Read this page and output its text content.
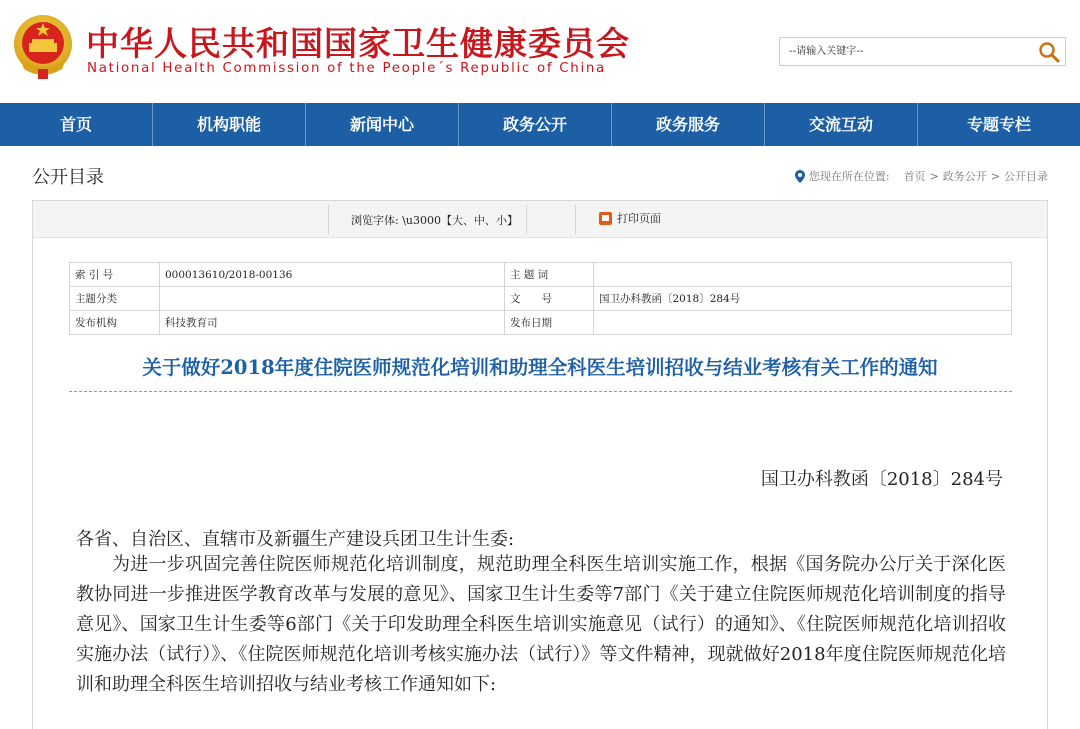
中华人民共和国国家卫生健康委员会
National Health Commission of the People´s Republic of China
--请输入关键字--
首页	机构职能	新闻中心	政务公开	政务服务	交流互动	专题专栏
公开目录	您现在所在位置: 首页 > 政务公开 > 公开目录
浏览字体: \u3000【大、中、小】	打印页面
索 引 号	000013610/2018-00136	主 题 词	
主题分类		文　　号	国卫办科教函〔2018〕284号
发布机构	科技教育司	发布日期	
关于做好2018年度住院医师规范化培训和助理全科医生培训招收与结业考核有关工作的通知
国卫办科教函〔2018〕284号
各省、自治区、直辖市及新疆生产建设兵团卫生计生委:
为进一步巩固完善住院医师规范化培训制度，规范助理全科医生培训实施工作，根据《国务院办公厅关于深化医教协同进一步推进医学教育改革与发展的意见》、国家卫生计生委等7部门《关于建立住院医师规范化培训制度的指导意见》、国家卫生计生委等6部门《关于印发助理全科医生培训实施意见（试行）的通知》、《住院医师规范化培训招收实施办法（试行）》、《住院医师规范化培训考核实施办法（试行）》等文件精神，现就做好2018年度住院医师规范化培训和助理全科医生培训招收与结业考核工作通知如下:
